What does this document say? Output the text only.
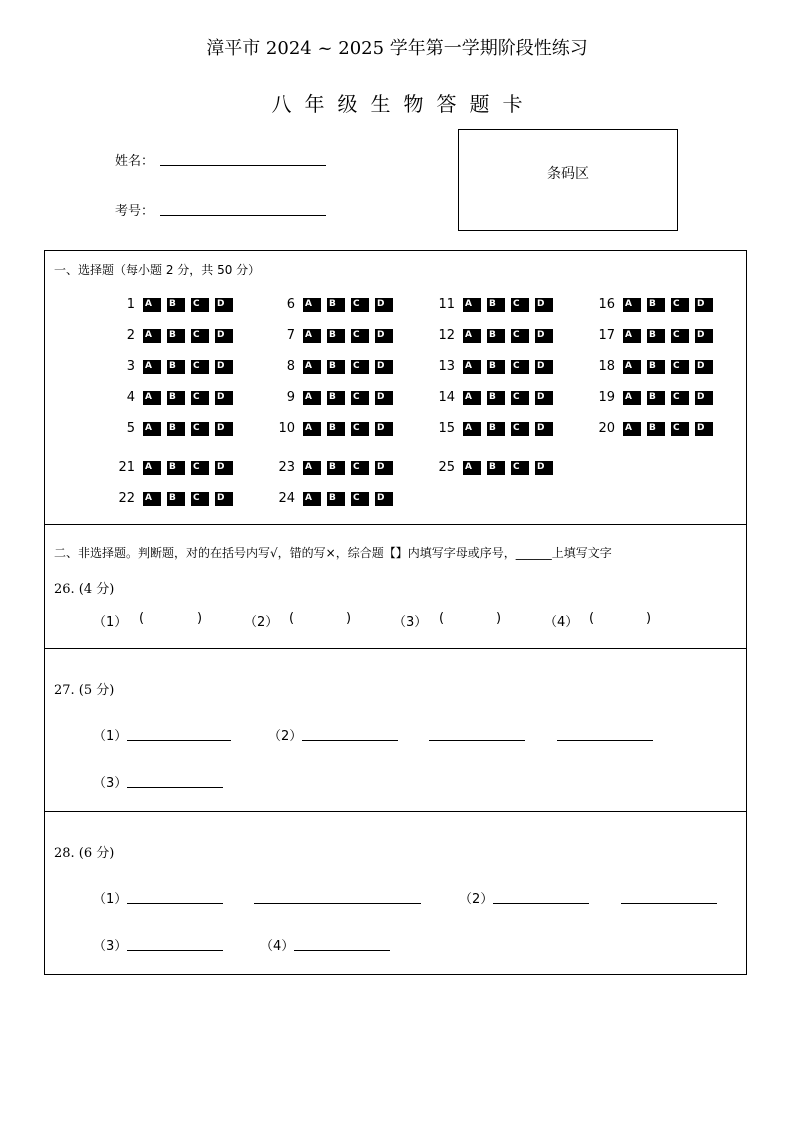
漳平市 2024 ~ 2025 学年第一学期阶段性练习
八年级生物答题卡
姓名：
考号：
条码区
一、选择题（每小题 2 分，共 50 分）
1 A B C D
2 A B C D
3 A B C D
4 A B C D
5 A B C D
6 A B C D
7 A B C D
8 A B C D
9 A B C D
10 A B C D
11 A B C D
12 A B C D
13 A B C D
14 A B C D
15 A B C D
16 A B C D
17 A B C D
18 A B C D
19 A B C D
20 A B C D
21 A B C D
22 A B C D
23 A B C D
24 A B C D
25 A B C D
二、非选择题。判断题，对的在括号内写√，错的写×，综合题【】内填写字母或序号，______上填写文字
26. (4 分)
（1） (	)	（2） (	)	（3） (	)	（4） (	)
27. (5 分)
（1）	（2）
（3）
28. (6 分)
（1）	（2）
（3）	（4）
